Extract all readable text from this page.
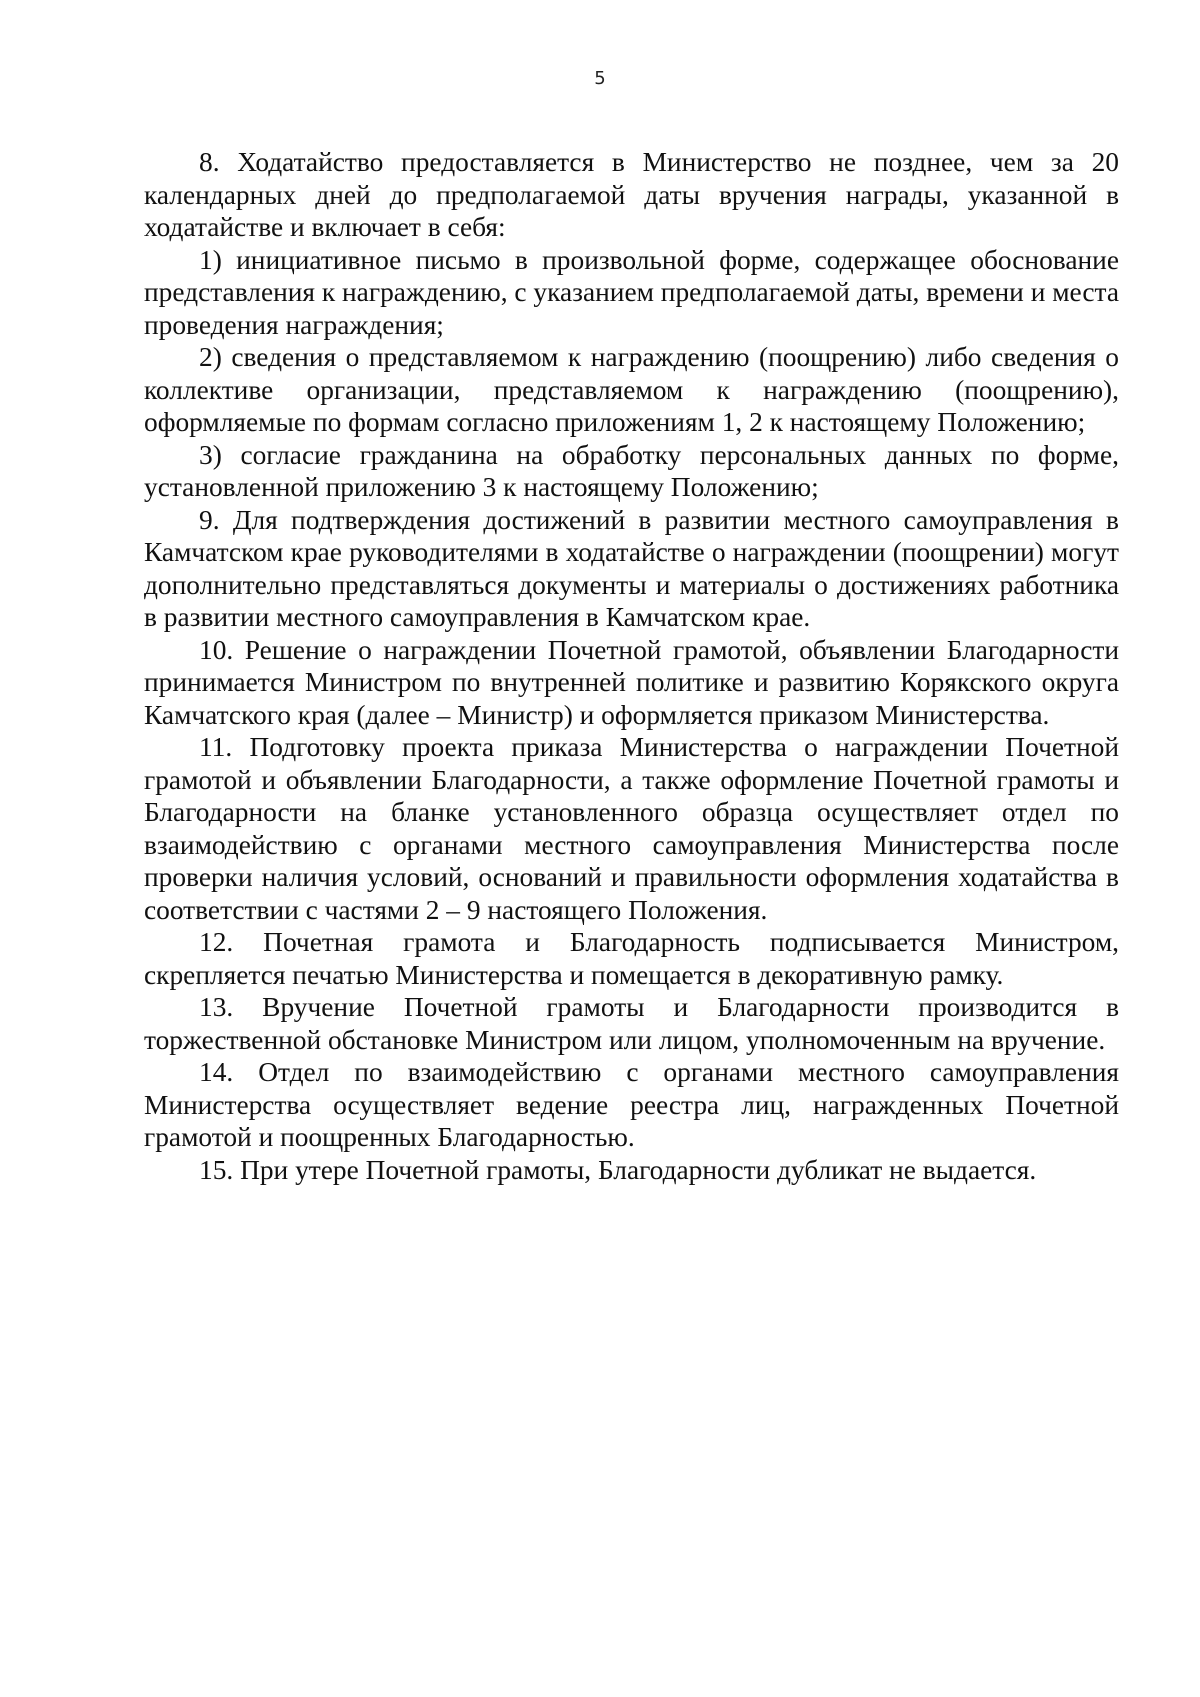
5

8. Ходатайство предоставляется в Министерство не позднее, чем за 20 календарных дней до предполагаемой даты вручения награды, указанной в ходатайстве и включает в себя:

1) инициативное письмо в произвольной форме, содержащее обоснование представления к награждению, с указанием предполагаемой даты, времени и места проведения награждения;

2) сведения о представляемом к награждению (поощрению) либо сведения о коллективе организации, представляемом к награждению (поощрению), оформляемые по формам согласно приложениям 1, 2 к настоящему Положению;

3) согласие гражданина на обработку персональных данных по форме, установленной приложению 3 к настоящему Положению;

9. Для подтверждения достижений в развитии местного самоуправления в Камчатском крае руководителями в ходатайстве о награждении (поощрении) могут дополнительно представляться документы и материалы о достижениях работника в развитии местного самоуправления в Камчатском крае.

10. Решение о награждении Почетной грамотой, объявлении Благодарности принимается Министром по внутренней политике и развитию Корякского округа Камчатского края (далее – Министр) и оформляется приказом Министерства.

11. Подготовку проекта приказа Министерства о награждении Почетной грамотой и объявлении Благодарности, а также оформление Почетной грамоты и Благодарности на бланке установленного образца осуществляет отдел по взаимодействию с органами местного самоуправления Министерства после проверки наличия условий, оснований и правильности оформления ходатайства в соответствии с частями 2 – 9 настоящего Положения.

12. Почетная грамота и Благодарность подписывается Министром, скрепляется печатью Министерства и помещается в декоративную рамку.

13. Вручение Почетной грамоты и Благодарности производится в торжественной обстановке Министром или лицом, уполномоченным на вручение.

14. Отдел по взаимодействию с органами местного самоуправления Министерства осуществляет ведение реестра лиц, награжденных Почетной грамотой и поощренных Благодарностью.

15. При утере Почетной грамоты, Благодарности дубликат не выдается.
